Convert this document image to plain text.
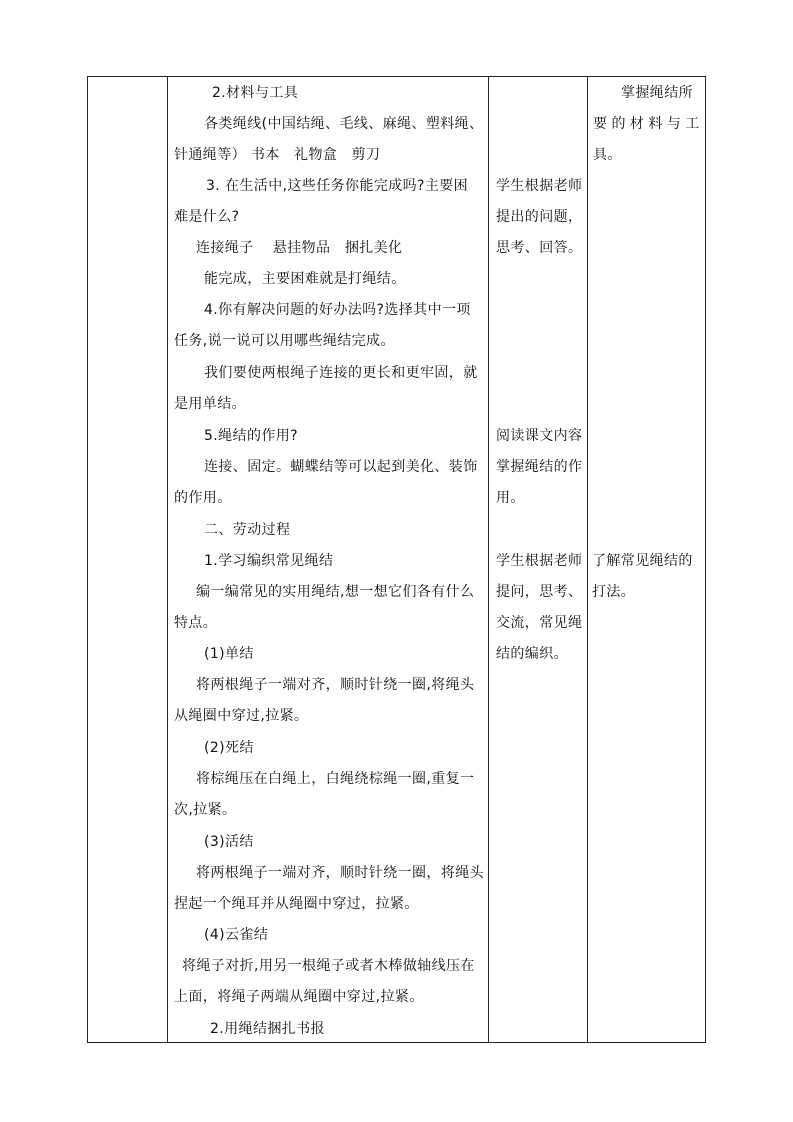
2.材料与工具
各类绳线(中国结绳、毛线、麻绳、塑料绳、
针通绳等） 书本　礼物盒　剪刀
3. 在生活中,这些任务你能完成吗?主要困
难是什么?
连接绳子　 悬挂物品　捆扎美化
能完成，主要困难就是打绳结。
4.你有解决问题的好办法吗?选择其中一项
任务,说一说可以用哪些绳结完成。
我们要使两根绳子连接的更长和更牢固，就
是用单结。
5.绳结的作用?
连接、固定。蝴蝶结等可以起到美化、装饰
的作用。
二、劳动过程
1.学习编织常见绳结
编一编常见的实用绳结,想一想它们各有什么
特点。
(1)单结
将两根绳子一端对齐，顺时针绕一圈,将绳头
从绳圈中穿过,拉紧。
(2)死结
将棕绳压在白绳上，白绳绕棕绳一圈,重复一
次,拉紧。
(3)活结
将两根绳子一端对齐，顺时针绕一圈，将绳头
捏起一个绳耳并从绳圈中穿过，拉紧。
(4)云雀结
将绳子对折,用另一根绳子或者木棒做轴线压在
上面，将绳子两端从绳圈中穿过,拉紧。
2.用绳结捆扎书报
学生根据老师
提出的问题，
思考、回答。
阅读课文内容
掌握绳结的作
用。
学生根据老师
提问，思考、
交流，常见绳
结的编织。
掌握绳结所
要 的 材 料 与 工
具。
了解常见绳结的
打法。
